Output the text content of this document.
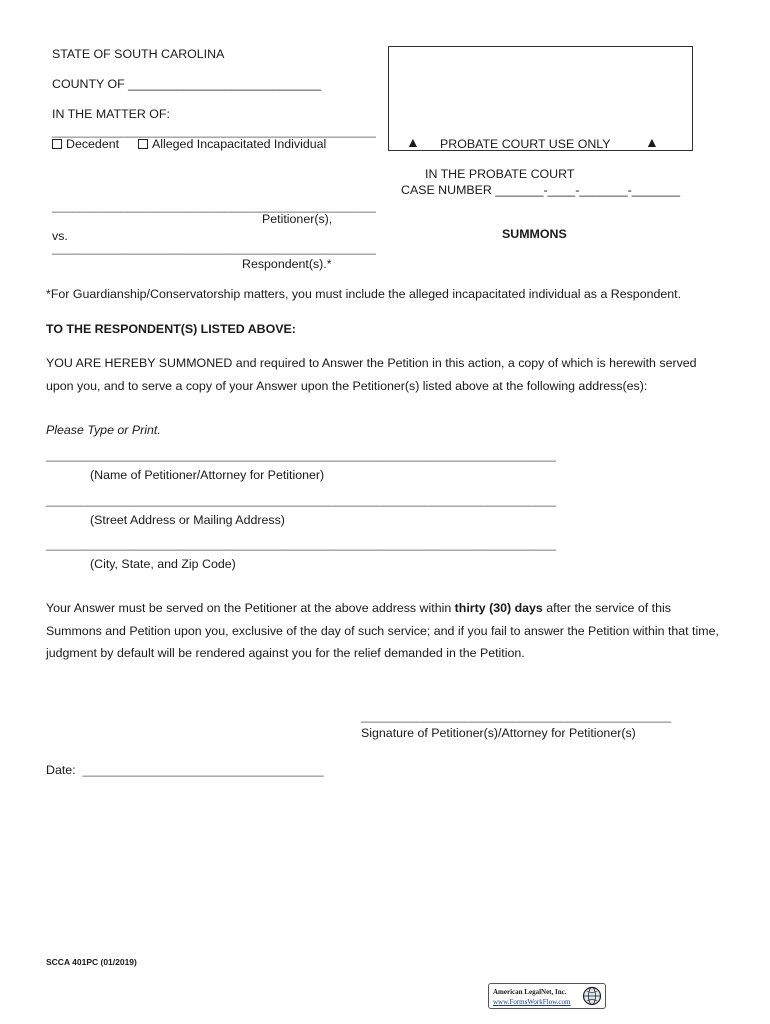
STATE OF SOUTH CAROLINA
COUNTY OF ____________________________
IN THE MATTER OF:
_______________________________________________
Decedent	Alleged Incapacitated Individual	▲ PROBATE COURT USE ONLY ▲
IN THE PROBATE COURT
CASE NUMBER _______-____-_______-_______
_______________________________________________
Petitioner(s),
vs.	SUMMONS
_______________________________________________
Respondent(s).*
*For Guardianship/Conservatorship matters, you must include the alleged incapacitated individual as a Respondent.
TO THE RESPONDENT(S) LISTED ABOVE:
YOU ARE HEREBY SUMMONED and required to Answer the Petition in this action, a copy of which is herewith served upon you, and to serve a copy of your Answer upon the Petitioner(s) listed above at the following address(es):
Please Type or Print.
__________________________________________________________________________
(Name of Petitioner/Attorney for Petitioner)
__________________________________________________________________________
(Street Address or Mailing Address)
__________________________________________________________________________
(City, State, and Zip Code)
Your Answer must be served on the Petitioner at the above address within thirty (30) days after the service of this Summons and Petition upon you, exclusive of the day of such service; and if you fail to answer the Petition within that time, judgment by default will be rendered against you for the relief demanded in the Petition.
_____________________________________________
Signature of Petitioner(s)/Attorney for Petitioner(s)
Date: ___________________________________
SCCA 401PC (01/2019)
American LegalNet, Inc.
www.FormsWorkFlow.com
